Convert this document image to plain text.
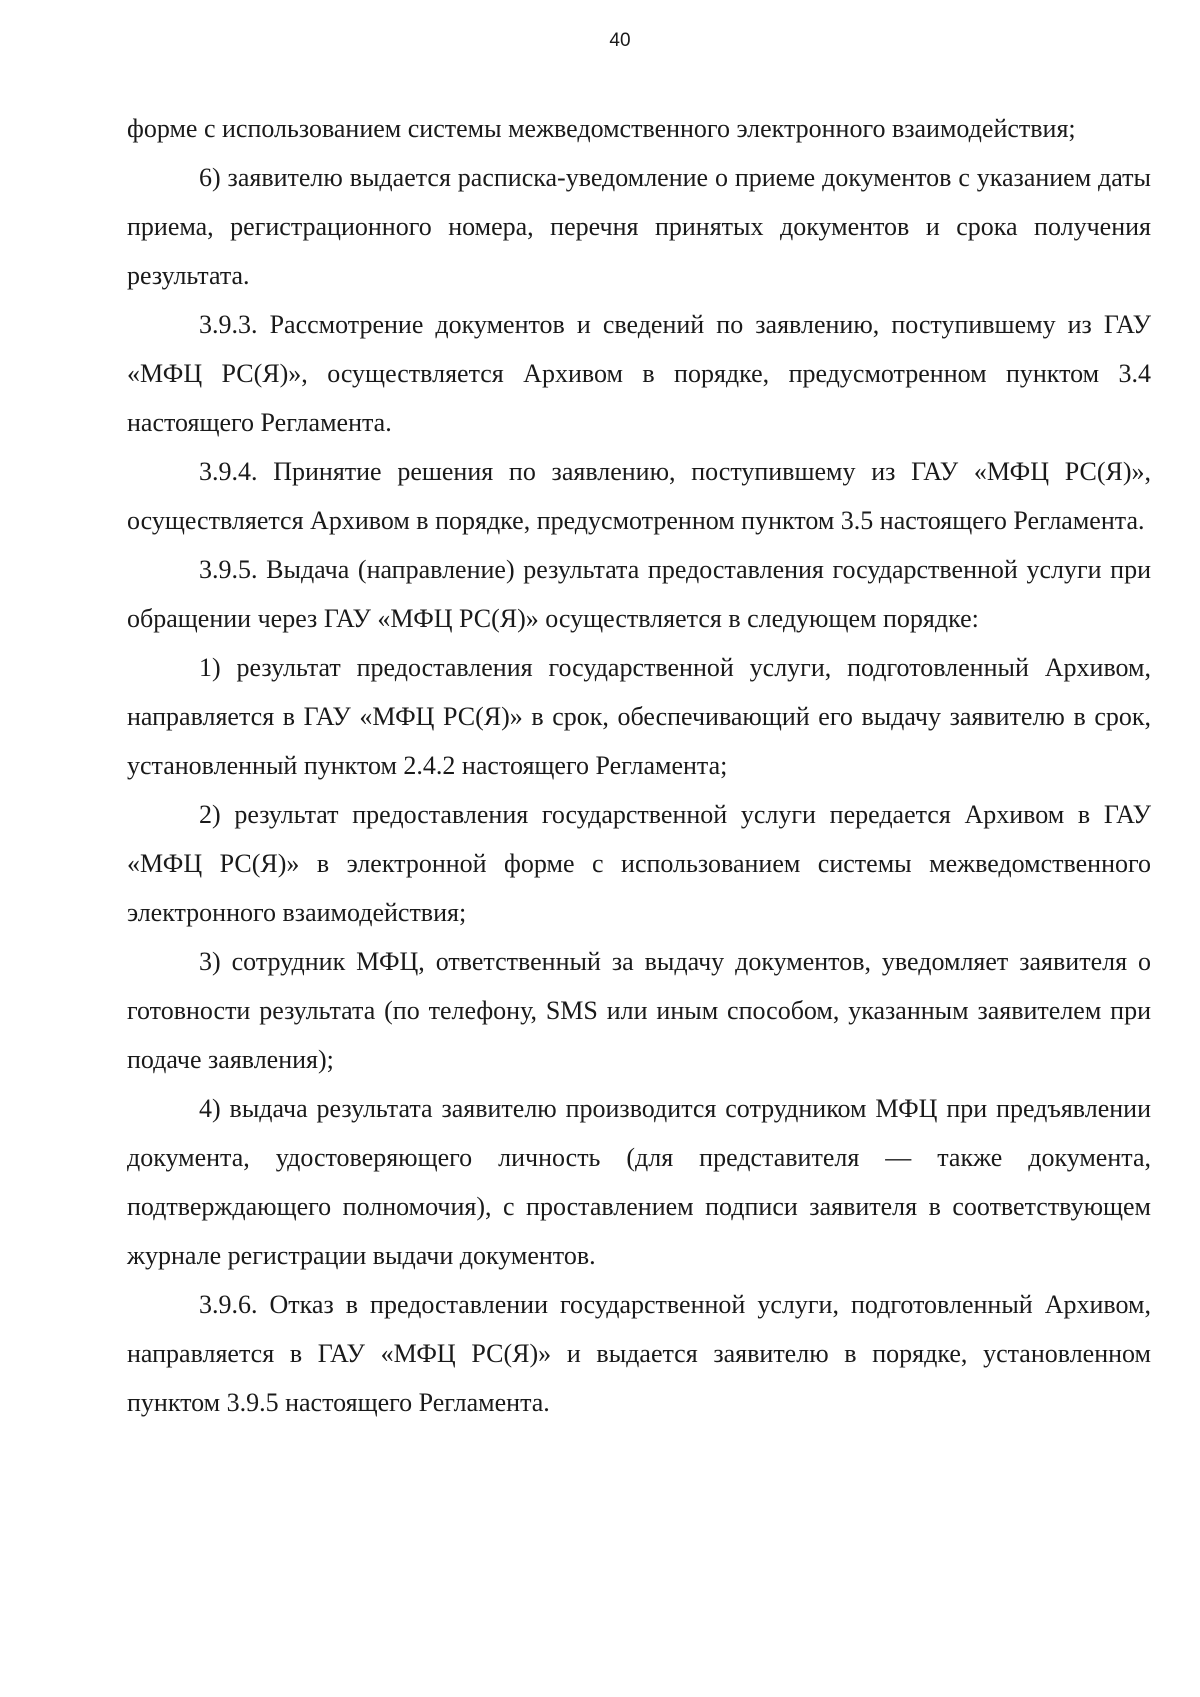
40

форме с использованием системы межведомственного электронного взаимодействия;

6) заявителю выдается расписка-уведомление о приеме документов с указанием даты приема, регистрационного номера, перечня принятых документов и срока получения результата.

3.9.3. Рассмотрение документов и сведений по заявлению, поступившему из ГАУ «МФЦ РС(Я)», осуществляется Архивом в порядке, предусмотренном пунктом 3.4 настоящего Регламента.

3.9.4. Принятие решения по заявлению, поступившему из ГАУ «МФЦ РС(Я)», осуществляется Архивом в порядке, предусмотренном пунктом 3.5 настоящего Регламента.

3.9.5. Выдача (направление) результата предоставления государственной услуги при обращении через ГАУ «МФЦ РС(Я)» осуществляется в следующем порядке:

1) результат предоставления государственной услуги, подготовленный Архивом, направляется в ГАУ «МФЦ РС(Я)» в срок, обеспечивающий его выдачу заявителю в срок, установленный пунктом 2.4.2 настоящего Регламента;

2) результат предоставления государственной услуги передается Архивом в ГАУ «МФЦ РС(Я)» в электронной форме с использованием системы межведомственного электронного взаимодействия;

3) сотрудник МФЦ, ответственный за выдачу документов, уведомляет заявителя о готовности результата (по телефону, SMS или иным способом, указанным заявителем при подаче заявления);

4) выдача результата заявителю производится сотрудником МФЦ при предъявлении документа, удостоверяющего личность (для представителя — также документа, подтверждающего полномочия), с проставлением подписи заявителя в соответствующем журнале регистрации выдачи документов.

3.9.6. Отказ в предоставлении государственной услуги, подготовленный Архивом, направляется в ГАУ «МФЦ РС(Я)» и выдается заявителю в порядке, установленном пунктом 3.9.5 настоящего Регламента.
